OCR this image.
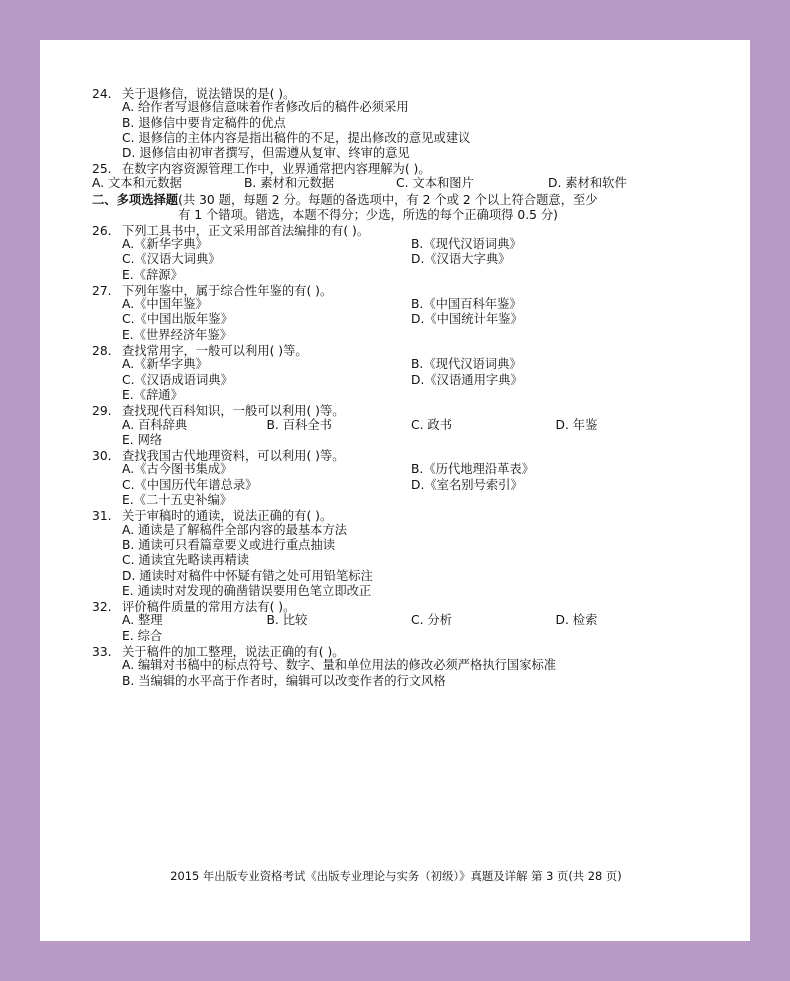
24. 关于退修信，说法错误的是( )。
A. 给作者写退修信意味着作者修改后的稿件必须采用
B. 退修信中要肯定稿件的优点
C. 退修信的主体内容是指出稿件的不足，提出修改的意见或建议
D. 退修信由初审者撰写，但需遵从复审、终审的意见
25. 在数字内容资源管理工作中，业界通常把内容理解为( )。
A. 文本和元数据	B. 素材和元数据	C. 文本和图片	D. 素材和软件
二、多项选择题 (共 30 题，每题 2 分。每题的备选项中，有 2 个或 2 个以上符合题意，至少
有 1 个错项。错选，本题不得分；少选，所选的每个正确项得 0.5 分)
26. 下列工具书中，正文采用部首法编排的有( )。
A.《新华字典》	B.《现代汉语词典》
C.《汉语大词典》	D.《汉语大字典》
E.《辞源》
27. 下列年鉴中，属于综合性年鉴的有( )。
A.《中国年鉴》	B.《中国百科年鉴》
C.《中国出版年鉴》	D.《中国统计年鉴》
E.《世界经济年鉴》
28. 查找常用字，一般可以利用( )等。
A.《新华字典》	B.《现代汉语词典》
C.《汉语成语词典》	D.《汉语通用字典》
E.《辞通》
29. 查找现代百科知识，一般可以利用( )等。
A. 百科辞典	B. 百科全书	C. 政书	D. 年鉴
E. 网络
30. 查找我国古代地理资料，可以利用( )等。
A.《古今图书集成》	B.《历代地理沿革表》
C.《中国历代年谱总录》	D.《室名别号索引》
E.《二十五史补编》
31. 关于审稿时的通读，说法正确的有( )。
A. 通读是了解稿件全部内容的最基本方法
B. 通读可只看篇章要义或进行重点抽读
C. 通读宜先略读再精读
D. 通读时对稿件中怀疑有错之处可用铅笔标注
E. 通读时对发现的确凿错误要用色笔立即改正
32. 评价稿件质量的常用方法有( )。
A. 整理	B. 比较	C. 分析	D. 检索
E. 综合
33. 关于稿件的加工整理，说法正确的有( )。
A. 编辑对书稿中的标点符号、数字、量和单位用法的修改必须严格执行国家标准
B. 当编辑的水平高于作者时，编辑可以改变作者的行文风格
2015 年出版专业资格考试《出版专业理论与实务（初级）》真题及详解 第 3 页(共 28 页)
